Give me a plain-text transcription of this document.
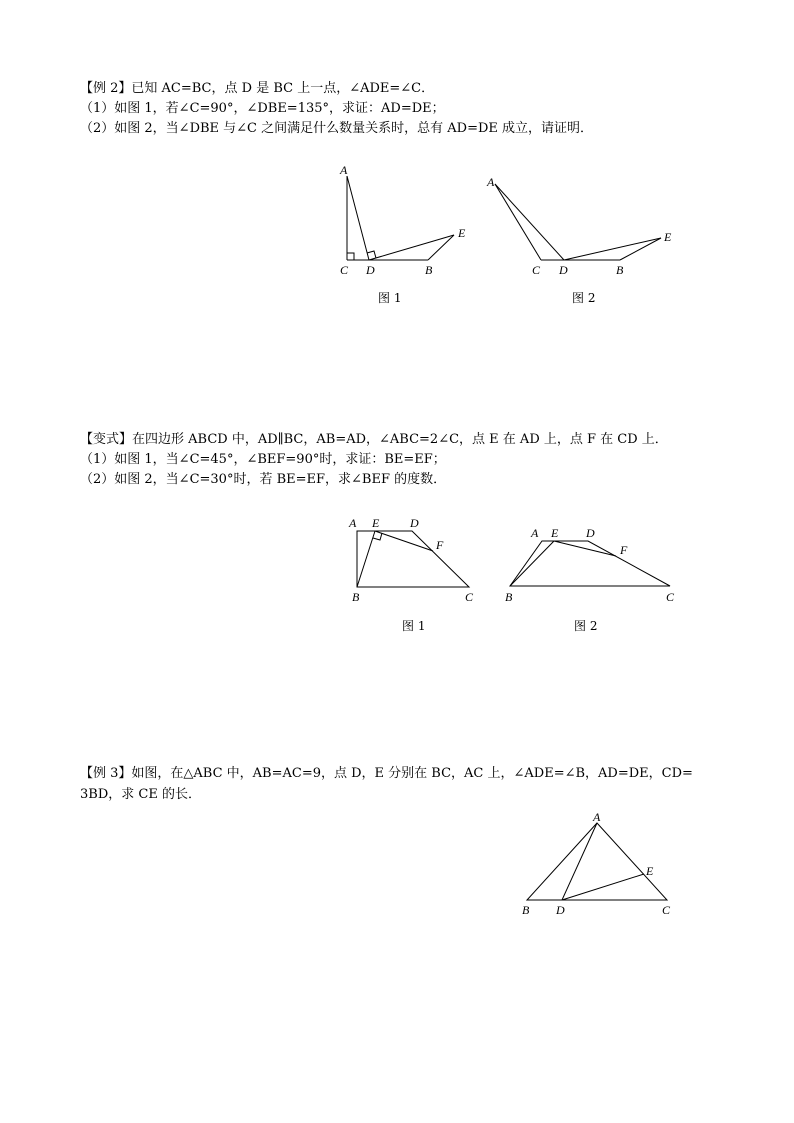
【例 2】已知 AC=BC，点 D 是 BC 上一点，∠ADE=∠C．
（1）如图 1，若∠C=90°，∠DBE=135°，求证：AD=DE；
（2）如图 2，当∠DBE 与∠C 之间满足什么数量关系时，总有 AD=DE 成立，请证明．
A
C D	B
E
图 1
A
C D	B
E
图 2
【变式】在四边形 ABCD 中，AD∥BC，AB=AD，∠ABC=2∠C，点 E 在 AD 上，点 F 在 CD 上．
（1）如图 1，当∠C=45°，∠BEF=90°时，求证：BE=EF；
（2）如图 2，当∠C=30°时，若 BE=EF，求∠BEF 的度数．
A E	D
F
B	C
图 1
A E D
F
B	C
图 2
【例 3】如图，在△ABC 中，AB=AC=9，点 D，E 分别在 BC，AC 上，∠ADE=∠B，AD=DE，CD=
3BD，求 CE 的长．
A
E
B D	C
